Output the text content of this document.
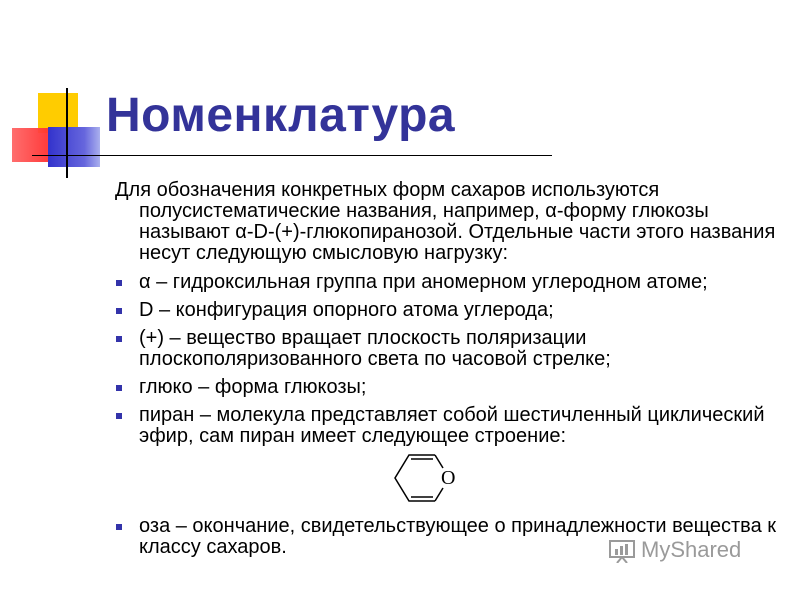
Номенклатура

Для обозначения конкретных форм сахаров используются полусистематические названия, например, α-форму глюкозы называют α-D-(+)-глюкопиранозой. Отдельные части этого названия несут следующую смысловую нагрузку:

α – гидроксильная группа при аномерном углеродном атоме;
D – конфигурация опорного атома углерода;
(+) – вещество вращает плоскость поляризации плоскополяризованного света по часовой стрелке;
глюко – форма глюкозы;
пиран – молекула представляет собой шестичленный циклический эфир, сам пиран имеет следующее строение:
O
оза – окончание, свидетельствующее о принадлежности вещества к классу сахаров.	MyShared
